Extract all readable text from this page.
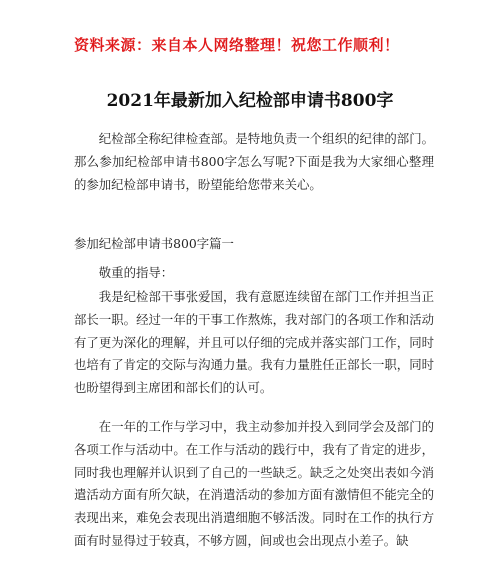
资料来源：来自本人网络整理！祝您工作顺利！
2021年最新加入纪检部申请书800字
纪检部全称纪律检查部。是特地负责一个组织的纪律的部门。那么参加纪检部申请书800字怎么写呢?下面是我为大家细心整理的参加纪检部申请书，盼望能给您带来关心。
参加纪检部申请书800字篇一
敬重的指导：
我是纪检部干事张爱国，我有意愿连续留在部门工作并担当正部长一职。经过一年的干事工作熬炼，我对部门的各项工作和活动有了更为深化的理解，并且可以仔细的完成并落实部门工作，同时也培有了肯定的交际与沟通力量。我有力量胜任正部长一职，同时也盼望得到主席团和部长们的认可。
在一年的工作与学习中，我主动参加并投入到同学会及部门的各项工作与活动中。在工作与活动的践行中，我有了肯定的进步，同时我也理解并认识到了自己的一些缺乏。缺乏之处突出表如今消遣活动方面有所欠缺，在消遣活动的参加方面有激情但不能完全的表现出来，难免会表现出消遣细胞不够活泼。同时在工作的执行方面有时显得过于较真，不够方圆，间或也会出现点小差子。缺
